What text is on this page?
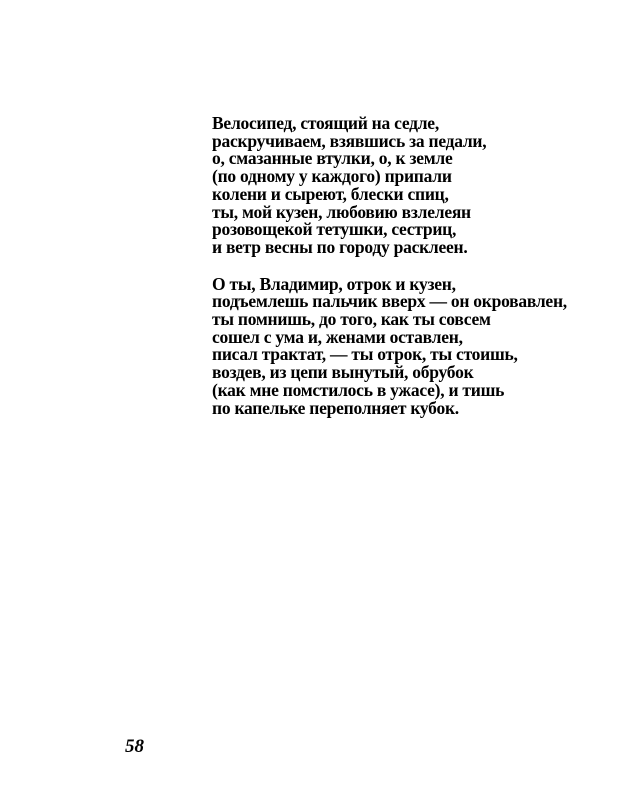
Велосипед, стоящий на седле,
раскручиваем, взявшись за педали,
о, смазанные втулки, о, к земле
(по одному у каждого) припали
колени и сыреют, блески спиц,
ты, мой кузен, любовию взлелеян
розовощекой тетушки, сестриц,
и ветр весны по городу расклеен.
О ты, Владимир, отрок и кузен,
подъемлешь пальчик вверх — он окровавлен,
ты помнишь, до того, как ты совсем
сошел с ума и, женами оставлен,
писал трактат, — ты отрок, ты стоишь,
воздев, из цепи вынутый, обрубок
(как мне помстилось в ужасе), и тишь
по капельке переполняет кубок.
58
